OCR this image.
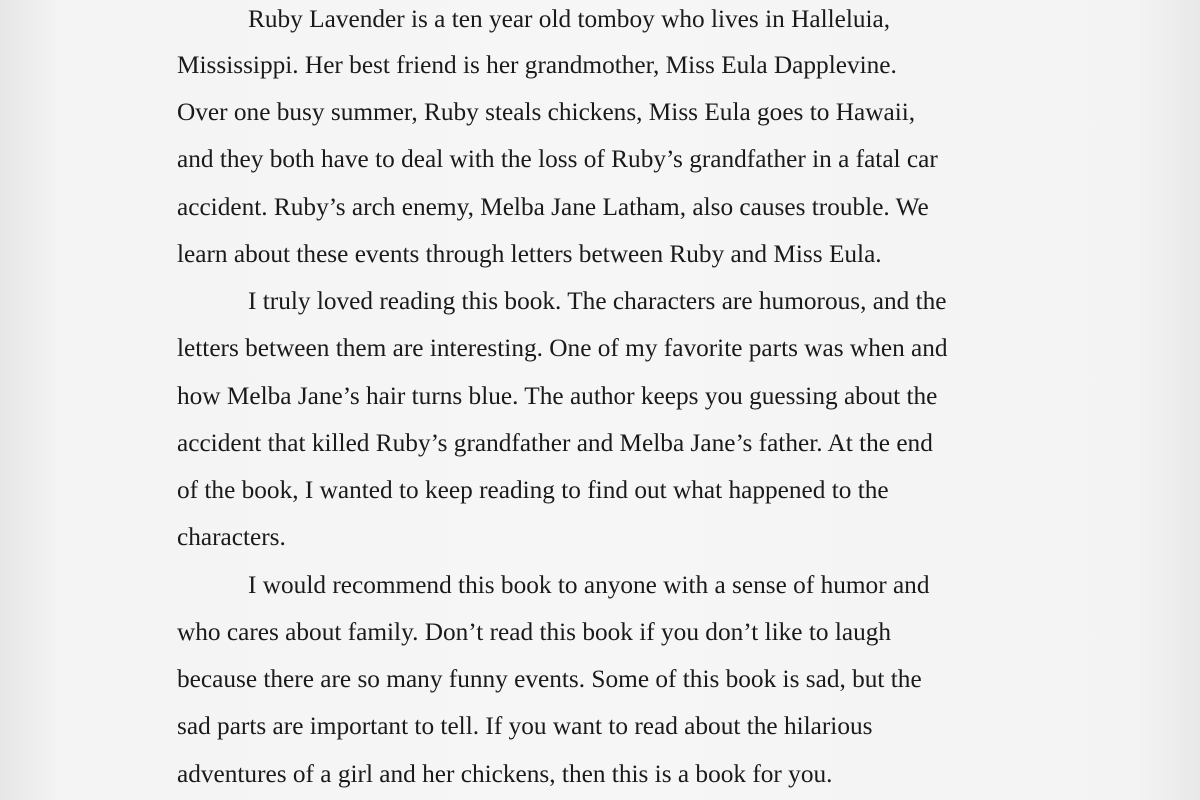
Ruby Lavender is a ten year old tomboy who lives in Halleluia,
Mississippi. Her best friend is her grandmother, Miss Eula Dapplevine.
Over one busy summer, Ruby steals chickens, Miss Eula goes to Hawaii,
and they both have to deal with the loss of Ruby’s grandfather in a fatal car
accident. Ruby’s arch enemy, Melba Jane Latham, also causes trouble. We
learn about these events through letters between Ruby and Miss Eula.
I truly loved reading this book. The characters are humorous, and the
letters between them are interesting. One of my favorite parts was when and
how Melba Jane’s hair turns blue. The author keeps you guessing about the
accident that killed Ruby’s grandfather and Melba Jane’s father. At the end
of the book, I wanted to keep reading to find out what happened to the
characters.
I would recommend this book to anyone with a sense of humor and
who cares about family. Don’t read this book if you don’t like to laugh
because there are so many funny events. Some of this book is sad, but the
sad parts are important to tell. If you want to read about the hilarious
adventures of a girl and her chickens, then this is a book for you.
